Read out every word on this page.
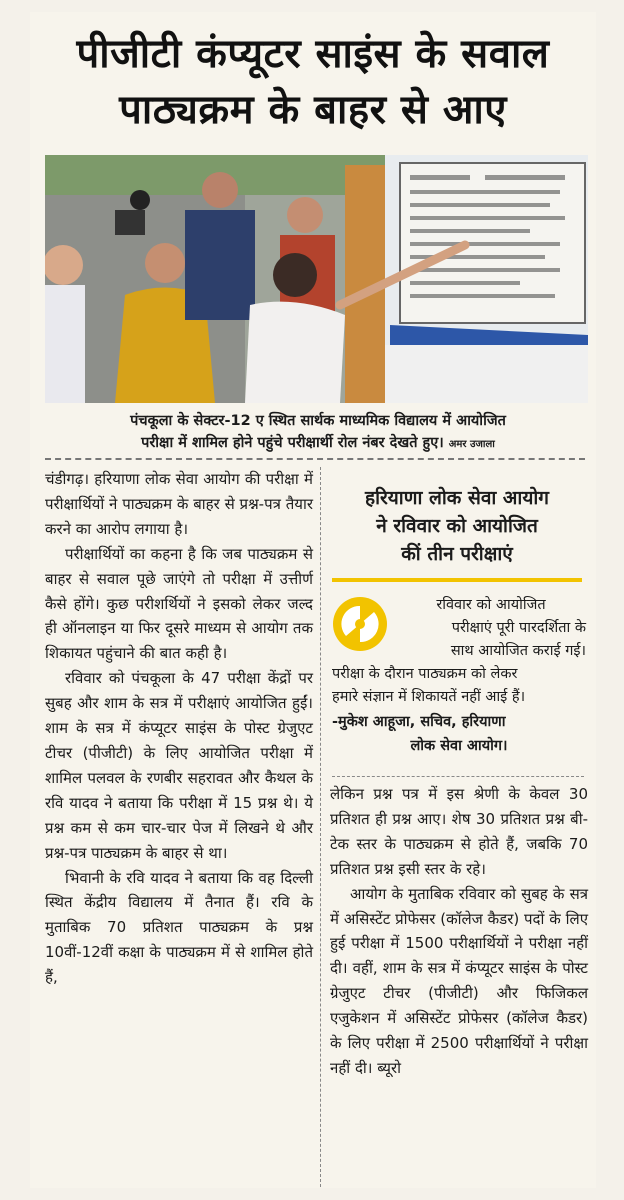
पीजीटी कंप्यूटर साइंस के सवाल
पाठ्यक्रम के बाहर से आए
पंचकूला के सेक्टर-12 ए स्थित सार्थक माध्यमिक विद्यालय में आयोजित
परीक्षा में शामिल होने पहुंचे परीक्षार्थी रोल नंबर देखते हुए। अमर उजाला

चंडीगढ़। हरियाणा लोक सेवा आयोग की परीक्षा में परीक्षार्थियों ने पाठ्यक्रम के बाहर से प्रश्न-पत्र तैयार करने का आरोप लगाया है।

परीक्षार्थियों का कहना है कि जब पाठ्यक्रम से बाहर से सवाल पूछे जाएंगे तो परीक्षा में उत्तीर्ण कैसे होंगे। कुछ परीशर्थियों ने इसको लेकर जल्द ही ऑनलाइन या फिर दूसरे माध्यम से आयोग तक शिकायत पहुंचाने की बात कही है।

रविवार को पंचकूला के 47 परीक्षा केंद्रों पर सुबह और शाम के सत्र में परीक्षाएं आयोजित हुईं। शाम के सत्र में कंप्यूटर साइंस के पोस्ट ग्रेजुएट टीचर (पीजीटी) के लिए आयोजित परीक्षा में शामिल पलवल के रणबीर सहरावत और कैथल के रवि यादव ने बताया कि परीक्षा में 15 प्रश्न थे। ये प्रश्न कम से कम चार-चार पेज में लिखने थे और प्रश्न-पत्र पाठ्यक्रम के बाहर से था।

भिवानी के रवि यादव ने बताया कि वह दिल्ली स्थित केंद्रीय विद्यालय में तैनात हैं। रवि के मुताबिक 70 प्रतिशत पाठ्यक्रम के प्रश्न 10वीं-12वीं कक्षा के पाठ्यक्रम में से शामिल होते हैं,

हरियाणा लोक सेवा आयोग
ने रविवार को आयोजित
कीं तीन परीक्षाएं
रविवार को आयोजित
परीक्षाएं पूरी पारदर्शिता के
साथ आयोजित कराई गई।
परीक्षा के दौरान पाठ्यक्रम को लेकर
हमारे संज्ञान में शिकायतें नहीं आई हैं।
-मुकेश आहूजा, सचिव, हरियाणा
लोक सेवा आयोग।

लेकिन प्रश्न पत्र में इस श्रेणी के केवल 30 प्रतिशत ही प्रश्न आए। शेष 30 प्रतिशत प्रश्न बी-टेक स्तर के पाठ्यक्रम से होते हैं, जबकि 70 प्रतिशत प्रश्न इसी स्तर के रहे।

आयोग के मुताबिक रविवार को सुबह के सत्र में असिस्टेंट प्रोफेसर (कॉलेज कैडर) पदों के लिए हुई परीक्षा में 1500 परीक्षार्थियों ने परीक्षा नहीं दी। वहीं, शाम के सत्र में कंप्यूटर साइंस के पोस्ट ग्रेजुएट टीचर (पीजीटी) और फिजिकल एजुकेशन में असिस्टेंट प्रोफेसर (कॉलेज कैडर) के लिए परीक्षा में 2500 परीक्षार्थियों ने परीक्षा नहीं दी। ब्यूरो
